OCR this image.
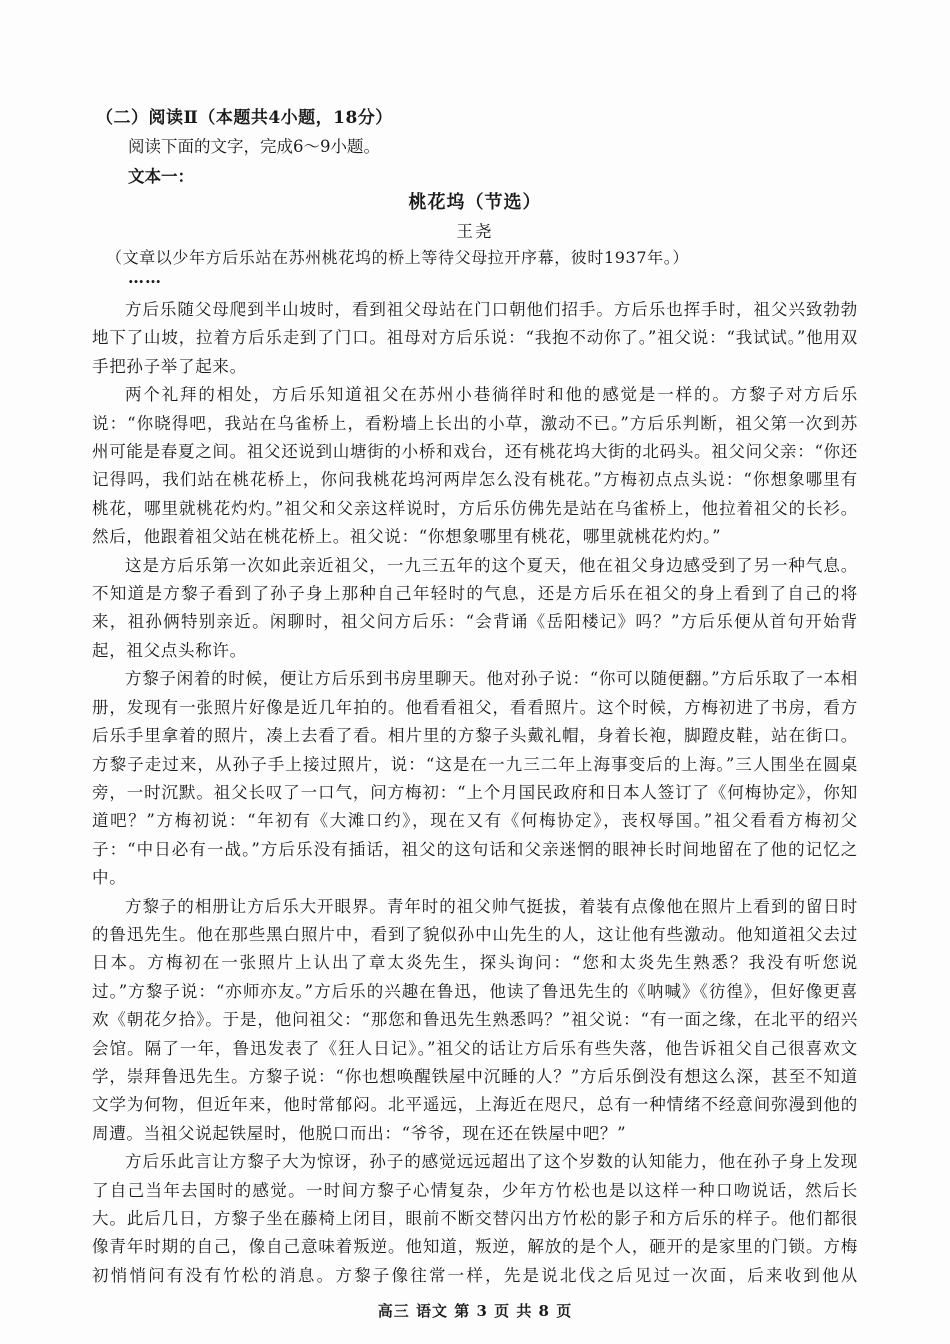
（二）阅读Ⅱ（本题共4小题，18分）
阅读下面的文字，完成6～9小题。
文本一：
桃花坞（节选）
王尧
（文章以少年方后乐站在苏州桃花坞的桥上等待父母拉开序幕，彼时1937年。）
……

方后乐随父母爬到半山坡时，看到祖父母站在门口朝他们招手。方后乐也挥手时，祖父兴致勃勃地下了山坡，拉着方后乐走到了门口。祖母对方后乐说：“我抱不动你了。”祖父说：“我试试。”他用双手把孙子举了起来。

两个礼拜的相处，方后乐知道祖父在苏州小巷徜徉时和他的感觉是一样的。方黎子对方后乐说：“你晓得吧，我站在乌雀桥上，看粉墙上长出的小草，激动不已。”方后乐判断，祖父第一次到苏州可能是春夏之间。祖父还说到山塘街的小桥和戏台，还有桃花坞大街的北码头。祖父问父亲：“你还记得吗，我们站在桃花桥上，你问我桃花坞河两岸怎么没有桃花。”方梅初点点头说：“你想象哪里有桃花，哪里就桃花灼灼。”祖父和父亲这样说时，方后乐仿佛先是站在乌雀桥上，他拉着祖父的长衫。然后，他跟着祖父站在桃花桥上。祖父说：“你想象哪里有桃花，哪里就桃花灼灼。”

这是方后乐第一次如此亲近祖父，一九三五年的这个夏天，他在祖父身边感受到了另一种气息。不知道是方黎子看到了孙子身上那种自己年轻时的气息，还是方后乐在祖父的身上看到了自己的将来，祖孙俩特别亲近。闲聊时，祖父问方后乐：“会背诵《岳阳楼记》吗？”方后乐便从首句开始背起，祖父点头称许。

方黎子闲着的时候，便让方后乐到书房里聊天。他对孙子说：“你可以随便翻。”方后乐取了一本相册，发现有一张照片好像是近几年拍的。他看看祖父，看看照片。这个时候，方梅初进了书房，看方后乐手里拿着的照片，凑上去看了看。相片里的方黎子头戴礼帽，身着长袍，脚蹬皮鞋，站在街口。方黎子走过来，从孙子手上接过照片，说：“这是在一九三二年上海事变后的上海。”三人围坐在圆桌旁，一时沉默。祖父长叹了一口气，问方梅初：“上个月国民政府和日本人签订了《何梅协定》，你知道吧？”方梅初说：“年初有《大滩口约》，现在又有《何梅协定》，丧权辱国。”祖父看看方梅初父子：“中日必有一战。”方后乐没有插话，祖父的这句话和父亲迷惘的眼神长时间地留在了他的记忆之中。

方黎子的相册让方后乐大开眼界。青年时的祖父帅气挺拔，着装有点像他在照片上看到的留日时的鲁迅先生。他在那些黑白照片中，看到了貌似孙中山先生的人，这让他有些激动。他知道祖父去过日本。方梅初在一张照片上认出了章太炎先生，探头询问：“您和太炎先生熟悉？我没有听您说过。”方黎子说：“亦师亦友。”方后乐的兴趣在鲁迅，他读了鲁迅先生的《呐喊》《彷徨》，但好像更喜欢《朝花夕拾》。于是，他问祖父：“那您和鲁迅先生熟悉吗？”祖父说：“有一面之缘，在北平的绍兴会馆。隔了一年，鲁迅发表了《狂人日记》。”祖父的话让方后乐有些失落，他告诉祖父自己很喜欢文学，崇拜鲁迅先生。方黎子说：“你也想唤醒铁屋中沉睡的人？”方后乐倒没有想这么深，甚至不知道文学为何物，但近年来，他时常郁闷。北平遥远，上海近在咫尺，总有一种情绪不经意间弥漫到他的周遭。当祖父说起铁屋时，他脱口而出：“爷爷，现在还在铁屋中吧？”

方后乐此言让方黎子大为惊讶，孙子的感觉远远超出了这个岁数的认知能力，他在孙子身上发现了自己当年去国时的感觉。一时间方黎子心情复杂，少年方竹松也是以这样一种口吻说话，然后长大。此后几日，方黎子坐在藤椅上闭目，眼前不断交替闪出方竹松的影子和方后乐的样子。他们都很像青年时期的自己，像自己意味着叛逆。他知道，叛逆，解放的是个人，砸开的是家里的门锁。方梅初悄悄问有没有竹松的消息。方黎子像往常一样，先是说北伐之后见过一次面，后来收到他从

高三 语文 第 3 页 共 8 页
